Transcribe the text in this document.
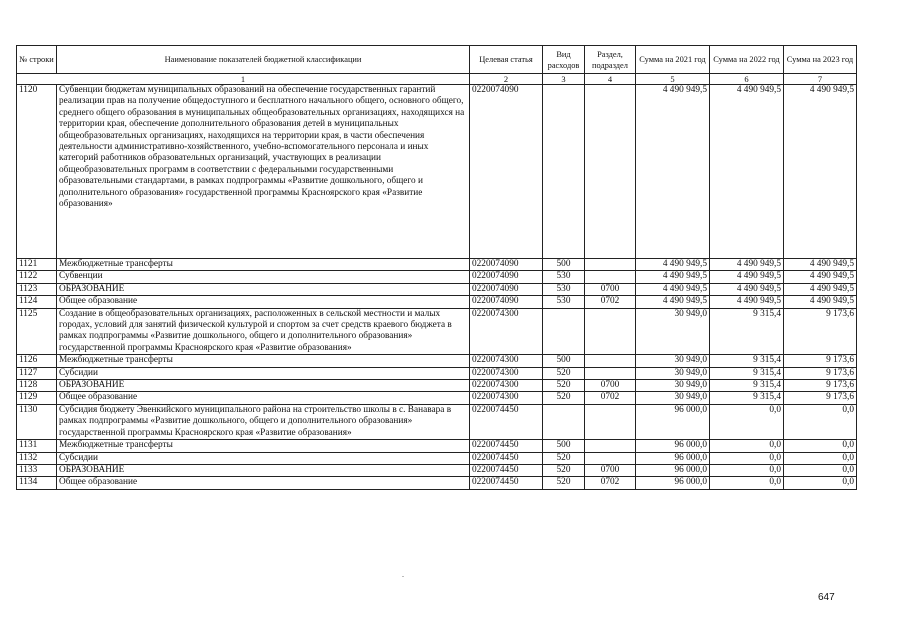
№ строки	Наименование показателей бюджетной классификации	Целевая статья	Вид расходов	Раздел, подраздел	Сумма на 2021 год	Сумма на 2022 год	Сумма на 2023 год
1		2	3	4	5	6	7
1120	Субвенции бюджетам муниципальных образований на обеспечение государственных гарантий реализации прав на получение общедоступного и бесплатного начального общего, основного общего, среднего общего образования в муниципальных общеобразовательных организациях, находящихся на территории края, обеспечение дополнительного образования детей в муниципальных общеобразовательных организациях, находящихся на территории края, в части обеспечения деятельности административно-хозяйственного, учебно-вспомогательного персонала и иных категорий работников образовательных организаций, участвующих в реализации общеобразовательных программ в соответствии с федеральными государственными образовательными стандартами, в рамках подпрограммы «Развитие дошкольного, общего и дополнительного образования» государственной программы Красноярского края «Развитие образования»	0220074090			4 490 949,5	4 490 949,5	4 490 949,5
1121	Межбюджетные трансферты	0220074090	500		4 490 949,5	4 490 949,5	4 490 949,5
1122	Субвенции	0220074090	530		4 490 949,5	4 490 949,5	4 490 949,5
1123	ОБРАЗОВАНИЕ	0220074090	530	0700	4 490 949,5	4 490 949,5	4 490 949,5
1124	Общее образование	0220074090	530	0702	4 490 949,5	4 490 949,5	4 490 949,5
1125	Создание в общеобразовательных организациях, расположенных в сельской местности и малых городах, условий для занятий физической культурой и спортом за счет средств краевого бюджета в рамках подпрограммы «Развитие дошкольного, общего и дополнительного образования» государственной программы Красноярского края «Развитие образования»	0220074300			30 949,0	9 315,4	9 173,6
1126	Межбюджетные трансферты	0220074300	500		30 949,0	9 315,4	9 173,6
1127	Субсидии	0220074300	520		30 949,0	9 315,4	9 173,6
1128	ОБРАЗОВАНИЕ	0220074300	520	0700	30 949,0	9 315,4	9 173,6
1129	Общее образование	0220074300	520	0702	30 949,0	9 315,4	9 173,6
1130	Субсидия бюджету Эвенкийского муниципального района на строительство школы в с. Ванавара в рамках подпрограммы «Развитие дошкольного, общего и дополнительного образования» государственной программы Красноярского края «Развитие образования»	0220074450			96 000,0	0,0	0,0
1131	Межбюджетные трансферты	0220074450	500		96 000,0	0,0	0,0
1132	Субсидии	0220074450	520		96 000,0	0,0	0,0
1133	ОБРАЗОВАНИЕ	0220074450	520	0700	96 000,0	0,0	0,0
1134	Общее образование	0220074450	520	0702	96 000,0	0,0	0,0
647
